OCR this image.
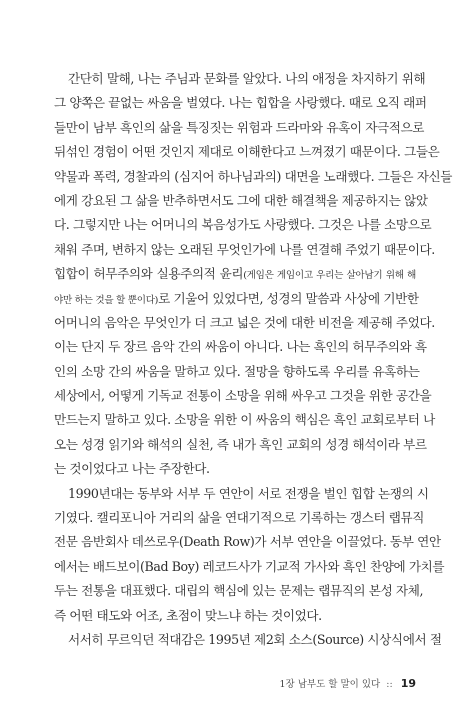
간단히 말해, 나는 주님과 문화를 알았다. 나의 애정을 차지하기 위해
그 양쪽은 끝없는 싸움을 벌였다. 나는 힙합을 사랑했다. 때로 오직 래퍼
들만이 남부 흑인의 삶을 특징짓는 위험과 드라마와 유혹이 자극적으로
뒤섞인 경험이 어떤 것인지 제대로 이해한다고 느껴졌기 때문이다. 그들은
약물과 폭력, 경찰과의 (심지어 하나님과의) 대면을 노래했다. 그들은 자신들
에게 강요된 그 삶을 반추하면서도 그에 대한 해결책을 제공하지는 않았
다. 그렇지만 나는 어머니의 복음성가도 사랑했다. 그것은 나를 소망으로
채워 주며, 변하지 않는 오래된 무엇인가에 나를 연결해 주었기 때문이다.
힙합이 허무주의와 실용주의적 윤리(게임은 게임이고 우리는 살아남기 위해 해
야만 하는 것을 할 뿐이다)로 기울어 있었다면, 성경의 말씀과 사상에 기반한
어머니의 음악은 무엇인가 더 크고 넓은 것에 대한 비전을 제공해 주었다.
이는 단지 두 장르 음악 간의 싸움이 아니다. 나는 흑인의 허무주의와 흑
인의 소망 간의 싸움을 말하고 있다. 절망을 향하도록 우리를 유혹하는
세상에서, 어떻게 기독교 전통이 소망을 위해 싸우고 그것을 위한 공간을
만드는지 말하고 있다. 소망을 위한 이 싸움의 핵심은 흑인 교회로부터 나
오는 성경 읽기와 해석의 실천, 즉 내가 흑인 교회의 성경 해석이라 부르
는 것이었다고 나는 주장한다.
1990년대는 동부와 서부 두 연안이 서로 전쟁을 벌인 힙합 논쟁의 시
기였다. 캘리포니아 거리의 삶을 연대기적으로 기록하는 갱스터 랩뮤직
전문 음반회사 데쓰로우(Death Row)가 서부 연안을 이끌었다. 동부 연안
에서는 배드보이(Bad Boy) 레코드사가 기교적 가사와 흑인 찬양에 가치를
두는 전통을 대표했다. 대립의 핵심에 있는 문제는 랩뮤직의 본성 자체,
즉 어떤 태도와 어조, 초점이 맞느냐 하는 것이었다.
서서히 무르익던 적대감은 1995년 제2회 소스(Source) 시상식에서 절
1장 남부도 할 말이 있다 :: 19
